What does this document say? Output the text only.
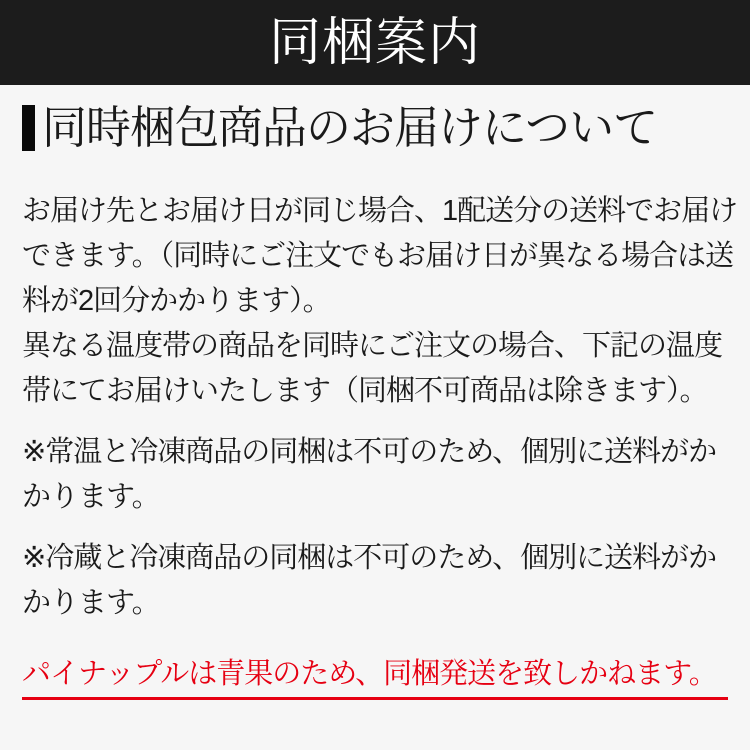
同梱案内
同時梱包商品のお届けについて
お届け先とお届け日が同じ場合、1配送分の送料でお届け
できます。（同時にご注文でもお届け日が異なる場合は送
料が2回分かかります）。
異なる温度帯の商品を同時にご注文の場合、下記の温度
帯にてお届けいたします（同梱不可商品は除きます）。
※常温と冷凍商品の同梱は不可のため、個別に送料がか
かります。
※冷蔵と冷凍商品の同梱は不可のため、個別に送料がか
かります。
パイナップルは青果のため、同梱発送を致しかねます。
